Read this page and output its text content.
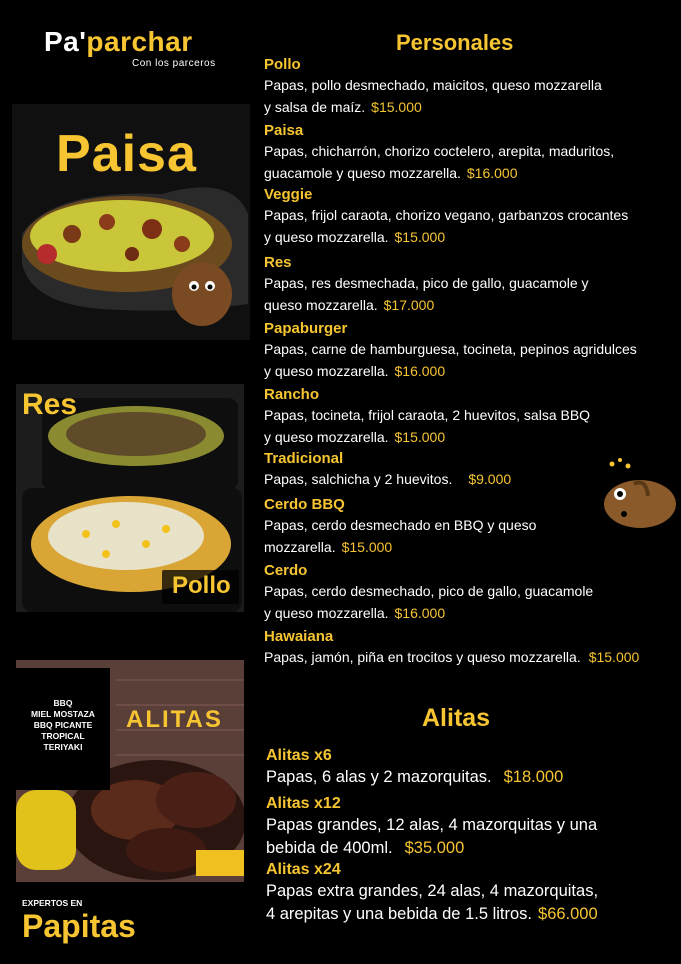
Pa'parchar
Con los parceros
Paisa
Res
Pollo
BBQ
MIEL MOSTAZA
BBQ PICANTE
TROPICAL
TERIYAKI
ALITAS
EXPERTOS EN
Papitas
Personales
Alitas
Pollo
Papas, pollo desmechado, maicitos, queso mozzarella
y salsa de maíz. $15.000
Paisa
Papas, chicharrón, chorizo coctelero, arepita, maduritos,
guacamole y queso mozzarella. $16.000
Veggie
Papas, frijol caraota, chorizo vegano, garbanzos crocantes
y queso mozzarella. $15.000
Res
Papas, res desmechada, pico de gallo, guacamole y
queso mozzarella. $17.000
Papaburger
Papas, carne de hamburguesa, tocineta, pepinos agridulces
y queso mozzarella. $16.000
Rancho
Papas, tocineta, frijol caraota, 2 huevitos, salsa BBQ
y queso mozzarella. $15.000
Tradicional
Papas, salchicha y 2 huevitos. $9.000
Cerdo BBQ
Papas, cerdo desmechado en BBQ y queso
mozzarella. $15.000
Cerdo
Papas, cerdo desmechado, pico de gallo, guacamole
y queso mozzarella. $16.000
Hawaiana
Papas, jamón, piña en trocitos y queso mozzarella. $15.000
Alitas x6
Papas, 6 alas y 2 mazorquitas. $18.000
Alitas x12
Papas grandes, 12 alas, 4 mazorquitas y una
bebida de 400ml. $35.000
Alitas x24
Papas extra grandes, 24 alas, 4 mazorquitas,
4 arepitas y una bebida de 1.5 litros. $66.000
